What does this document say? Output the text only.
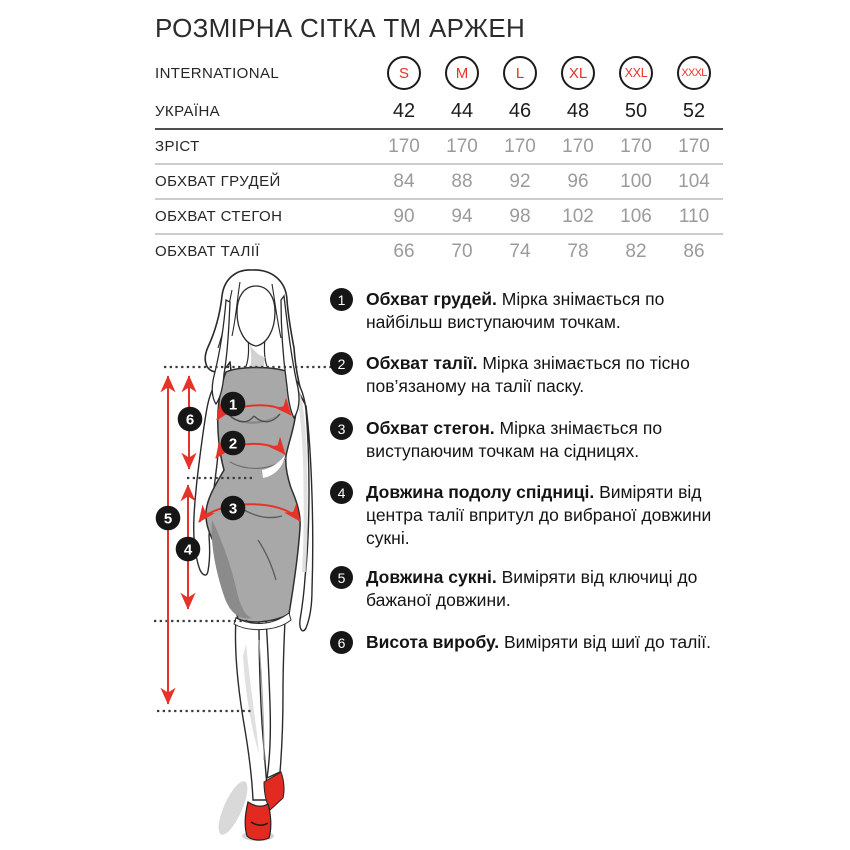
РОЗМІРНА СІТКА ТМ АРЖЕН
INTERNATIONAL	S	M	L	XL	XXL	XXXL
УКРАЇНА	42 44 46 48 50 52
ЗРІСТ	170 170 170 170 170 170
ОБХВАТ ГРУДЕЙ	84 88 92 96 100 104
ОБХВАТ СТЕГОН	90 94 98 102 106 110
ОБХВАТ ТАЛІЇ	66 70 74 78 82 86
1
2
3
4
5
6
1	Обхват грудей. Мірка знімається по найбільш виступаючим точкам.
2	Обхват талії. Мірка знімається по тісно пов’язаному на талії паску.
3	Обхват стегон. Мірка знімається по виступаючим точкам на сідницях.
4	Довжина подолу спідниці. Виміряти від центра талії впритул до вибраної довжини сукні.
5	Довжина сукні. Виміряти від ключиці до бажаної довжини.
6	Висота виробу. Виміряти від шиї до талії.
